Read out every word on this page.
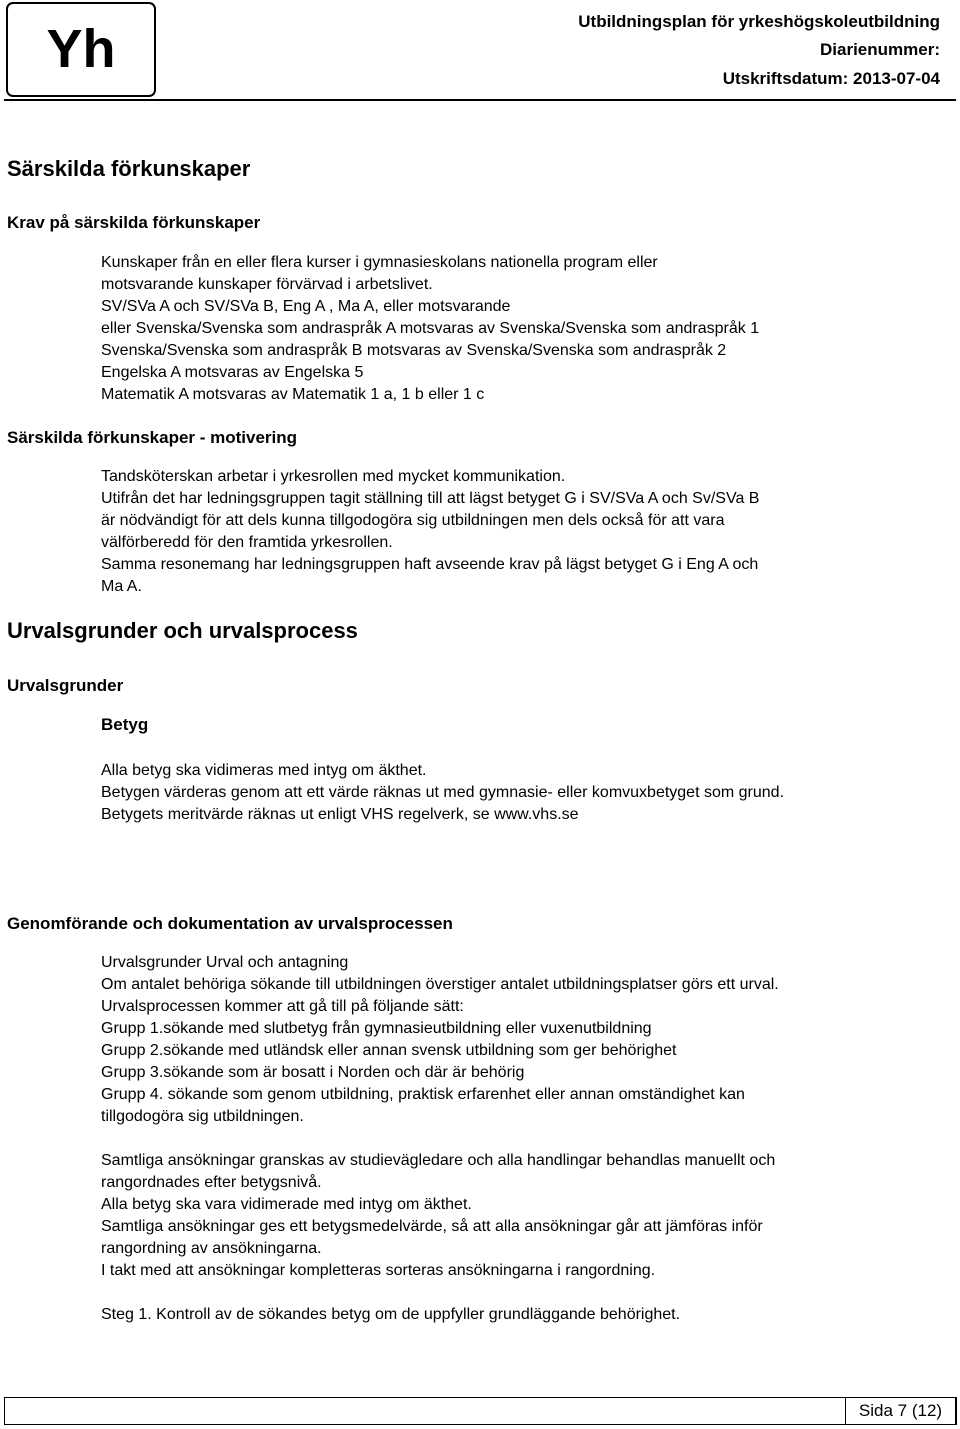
Yh	Utbildningsplan för yrkeshögskoleutbildning
Diarienummer:
Utskriftsdatum: 2013-07-04
Särskilda förkunskaper
Krav på särskilda förkunskaper
Kunskaper från en eller flera kurser i gymnasieskolans nationella program eller
motsvarande kunskaper förvärvad i arbetslivet.
SV/SVa A och SV/SVa B, Eng A , Ma A, eller motsvarande
eller Svenska/Svenska som andraspråk A motsvaras av Svenska/Svenska som andraspråk 1
Svenska/Svenska som andraspråk B motsvaras av Svenska/Svenska som andraspråk 2
Engelska A motsvaras av Engelska 5
Matematik A motsvaras av Matematik 1 a, 1 b eller 1 c
Särskilda förkunskaper - motivering
Tandsköterskan arbetar i yrkesrollen med mycket kommunikation.
Utifrån det har ledningsgruppen tagit ställning till att lägst betyget G i SV/SVa A och Sv/SVa B
är nödvändigt för att dels kunna tillgodogöra sig utbildningen men dels också för att vara
välförberedd för den framtida yrkesrollen.
Samma resonemang har ledningsgruppen haft avseende krav på lägst betyget G i Eng A och
Ma A.
Urvalsgrunder och urvalsprocess
Urvalsgrunder
Betyg
Alla betyg ska vidimeras med intyg om äkthet.
Betygen värderas genom att ett värde räknas ut med gymnasie- eller komvuxbetyget som grund.
Betygets meritvärde räknas ut enligt VHS regelverk, se www.vhs.se
Genomförande och dokumentation av urvalsprocessen
Urvalsgrunder Urval och antagning
Om antalet behöriga sökande till utbildningen överstiger antalet utbildningsplatser görs ett urval.
Urvalsprocessen kommer att gå till på följande sätt:
Grupp 1.sökande med slutbetyg från gymnasieutbildning eller vuxenutbildning
Grupp 2.sökande med utländsk eller annan svensk utbildning som ger behörighet
Grupp 3.sökande som är bosatt i Norden och där är behörig
Grupp 4. sökande som genom utbildning, praktisk erfarenhet eller annan omständighet kan
tillgodogöra sig utbildningen.
Samtliga ansökningar granskas av studievägledare och alla handlingar behandlas manuellt och
rangordnades efter betygsnivå.
Alla betyg ska vara vidimerade med intyg om äkthet.
Samtliga ansökningar ges ett betygsmedelvärde, så att alla ansökningar går att jämföras inför
rangordning av ansökningarna.
I takt med att ansökningar kompletteras sorteras ansökningarna i rangordning.
Steg 1. Kontroll av de sökandes betyg om de uppfyller grundläggande behörighet.
Sida 7 (12)
